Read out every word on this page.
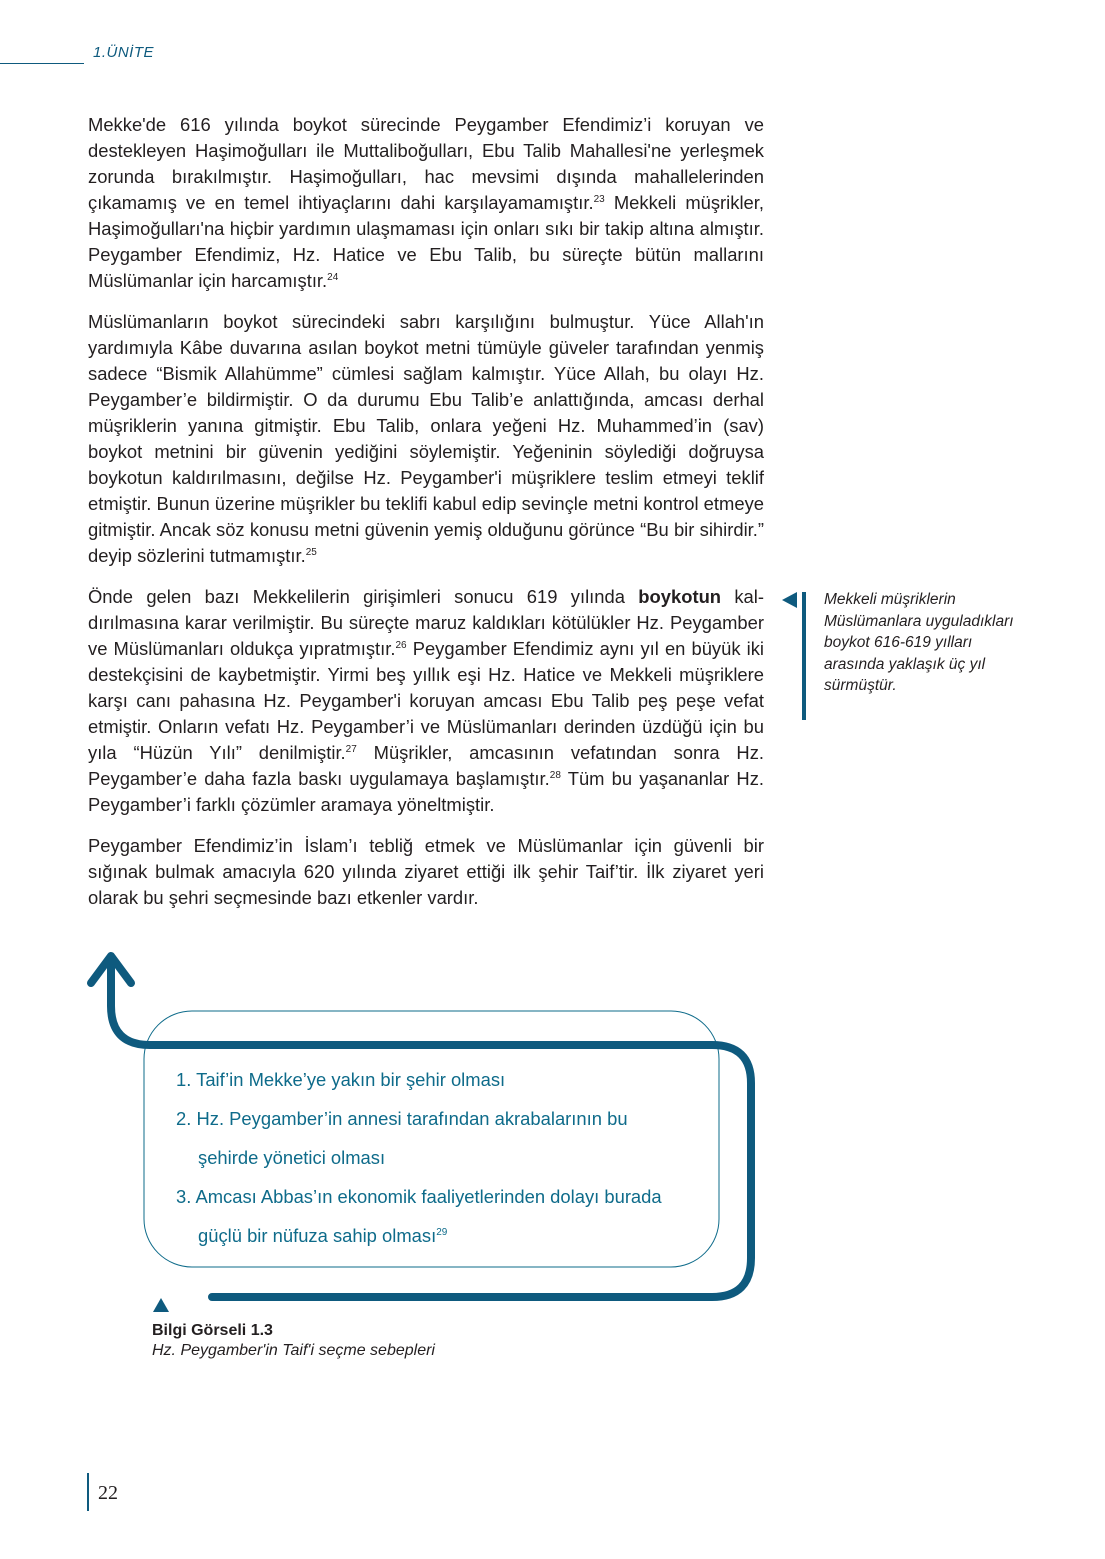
1.ÜNİTE

Mekke'de 616 yılında boykot sürecinde Peygamber Efendimiz’i koruyan ve destekleyen Haşimoğulları ile Muttaliboğulları, Ebu Talib Mahallesi'ne yerleşmek zorunda bırakılmıştır. Haşimoğulları, hac mevsimi dışında mahallelerinden çıkamamış ve en temel ihtiyaçlarını dahi karşılayamamıştır.$^{23}$ Mekkeli müşrikler, Haşimoğulları'na hiçbir yardımın ulaşmaması için onları sıkı bir takip altına almıştır. Peygamber Efendimiz, Hz. Hatice ve Ebu Talib, bu süreçte bütün mallarını Müslümanlar için harcamıştır.$^{24}$

Müslümanların boykot sürecindeki sabrı karşılığını bulmuştur. Yüce Allah'ın yardımıyla Kâbe duvarına asılan boykot metni tümüyle güveler tarafından yenmiş sadece “Bismik Allahümme” cümlesi sağlam kalmıştır. Yüce Allah, bu olayı Hz. Peygamber’e bildirmiştir. O da durumu Ebu Talib’e anlattığında, amcası derhal müşriklerin yanına gitmiştir. Ebu Talib, onlara yeğeni Hz. Muhammed’in (sav) boykot metnini bir güvenin yediğini söylemiştir. Yeğeninin söylediği doğruysa boykotun kaldırılmasını, değilse Hz. Peygamber'i müşriklere teslim etmeyi teklif etmiştir. Bunun üzerine müşrikler bu teklifi kabul edip sevinçle metni kontrol etmeye gitmiştir. Ancak söz konusu metni güvenin yemiş olduğunu görünce “Bu bir sihirdir.” deyip sözlerini tutmamıştır.$^{25}$

Önde gelen bazı Mekkelilerin girişimleri sonucu 619 yılında boykotun kaldırılmasına karar verilmiştir. Bu süreçte maruz kaldıkları kötülükler Hz. Peygamber ve Müslümanları oldukça yıpratmıştır.$^{26}$ Peygamber Efendimiz aynı yıl en büyük iki destekçisini de kaybetmiştir. Yirmi beş yıllık eşi Hz. Hatice ve Mekkeli müşriklere karşı canı pahasına Hz. Peygamber'i koruyan amcası Ebu Talib peş peşe vefat etmiştir. Onların vefatı Hz. Peygamber’i ve Müslümanları derinden üzdüğü için bu yıla “Hüzün Yılı” denilmiştir.$^{27}$ Müşrikler, amcasının vefatından sonra Hz. Peygamber’e daha fazla baskı uygulamaya başlamıştır.$^{28}$ Tüm bu yaşananlar Hz. Peygamber’i farklı çözümler aramaya yöneltmiştir.

Peygamber Efendimiz’in İslam’ı tebliğ etmek ve Müslümanlar için güvenli bir sığınak bulmak amacıyla 620 yılında ziyaret ettiği ilk şehir Taif’tir. İlk ziyaret yeri olarak bu şehri seçmesinde bazı etkenler vardır.

Mekkeli müşriklerin Müslümanlara uyguladıkları boykot 616-619 yılları arasında yaklaşık üç yıl sürmüştür.
1. Taif’in Mekke’ye yakın bir şehir olması
2. Hz. Peygamber’in annesi tarafından akrabalarının bu
şehirde yönetici olması
3. Amcası Abbas’ın ekonomik faaliyetlerinden dolayı burada
güçlü bir nüfuza sahip olması$^{29}$
Bilgi Görseli 1.3
Hz. Peygamber'in Taif'i seçme sebepleri
22
